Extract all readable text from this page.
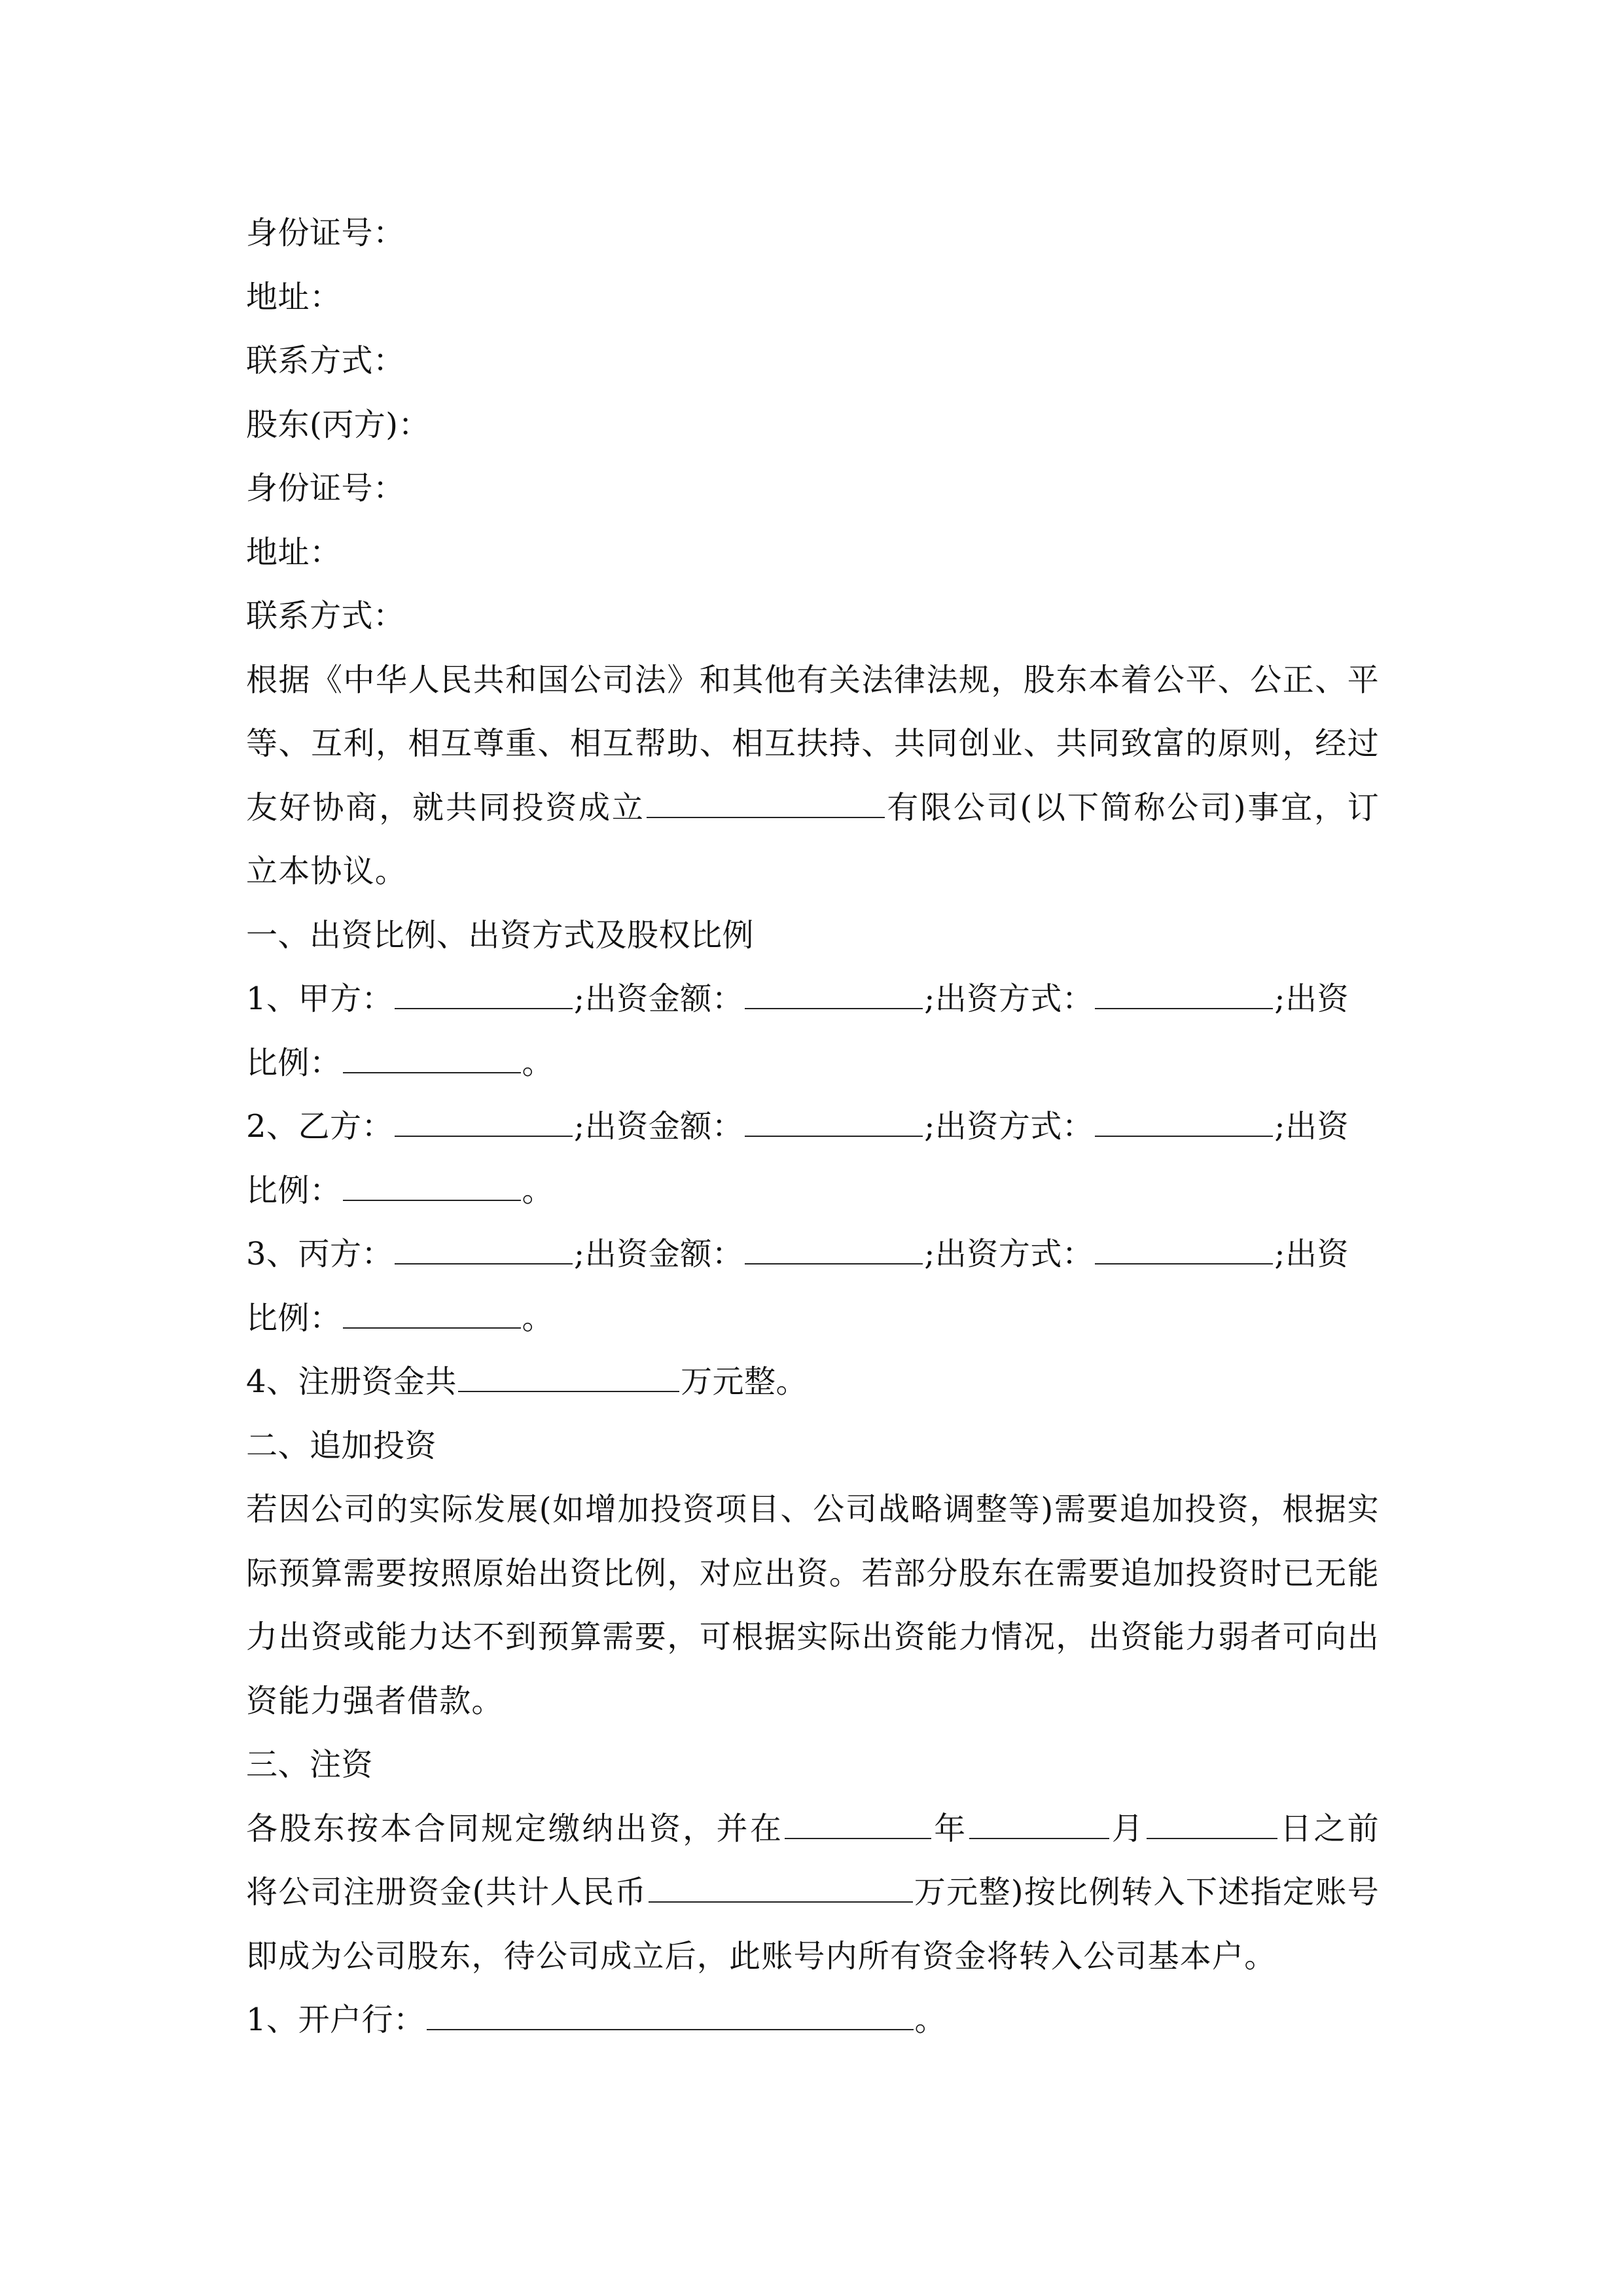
身份证号：
地址：
联系方式：
股东(丙方)：
身份证号：
地址：
联系方式：
根据《中华人民共和国公司法》和其他有关法律法规，股东本着公平、公正、平等、互利，相互尊重、相互帮助、相互扶持、共同创业、共同致富的原则，经过友好协商，就共同投资成立	有限公司(以下简称公司)事宜，订立本协议。
一、出资比例、出资方式及股权比例
1、甲方：	;出资金额：	;出资方式：	;出资
比例：	。
2、乙方：	;出资金额：	;出资方式：	;出资
比例：	。
3、丙方：	;出资金额：	;出资方式：	;出资
比例：	。
4、注册资金共	万元整。
二、追加投资
若因公司的实际发展(如增加投资项目、公司战略调整等)需要追加投资，根据实际预算需要按照原始出资比例，对应出资。若部分股东在需要追加投资时已无能力出资或能力达不到预算需要，可根据实际出资能力情况，出资能力弱者可向出资能力强者借款。
三、注资
各股东按本合同规定缴纳出资，并在	年	月	日之前将公司注册资金(共计人民币	万元整)按比例转入下述指定账号即成为公司股东，待公司成立后，此账号内所有资金将转入公司基本户。
1、开户行：	。
